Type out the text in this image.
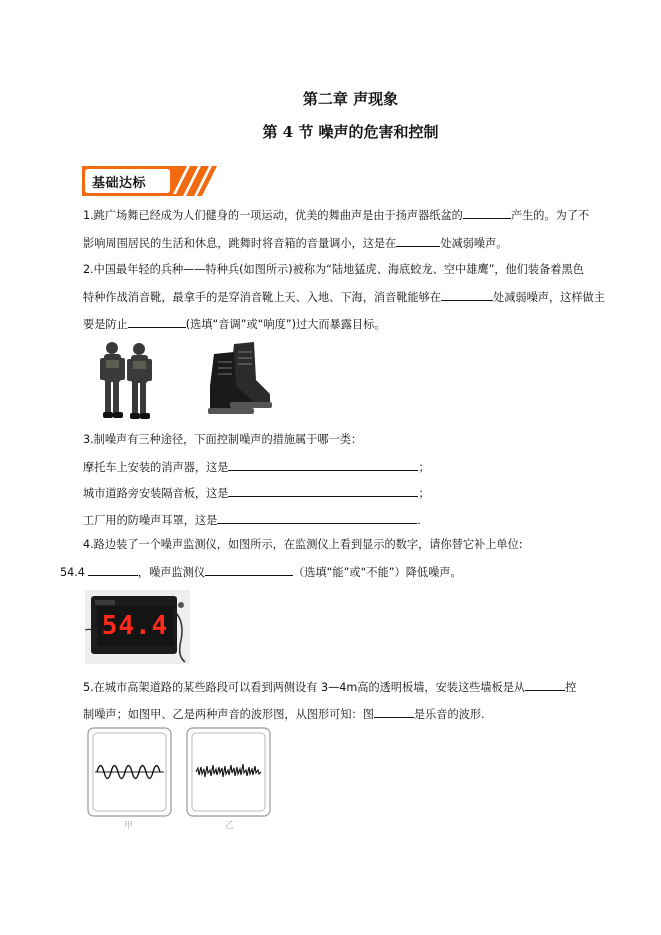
第二章 声现象
第 4 节 噪声的危害和控制
基础达标
1.跳广场舞已经成为人们健身的一项运动，优美的舞曲声是由于扬声器纸盆的	产生的。为了不
影响周围居民的生活和休息，跳舞时将音箱的音量调小，这是在	处减弱噪声。
2.中国最年轻的兵种——特种兵(如图所示)被称为“陆地猛虎、海底蛟龙、空中雄鹰”，他们装备着黑色
特种作战消音靴，最拿手的是穿消音靴上天、入地、下海，消音靴能够在	处减弱噪声，这样做主
要是防止	(选填“音调”或“响度”)过大而暴露目标。
3.制噪声有三种途径，下面控制噪声的措施属于哪一类：
摩托车上安装的消声器，这是	；
城市道路旁安装隔音板，这是	；
工厂用的防噪声耳罩，这是	.
4.路边装了一个噪声监测仪，如图所示，在监测仪上看到显示的数字，请你替它补上单位:
54.4	，噪声监测仪	（选填“能”或“不能”）降低噪声。
54.4
5.在城市高架道路的某些路段可以看到两侧设有 3—4m高的透明板墙，安装这些墙板是从	控
制噪声；如图甲、乙是两种声音的波形图，从图形可知：图	是乐音的波形.
甲	乙
